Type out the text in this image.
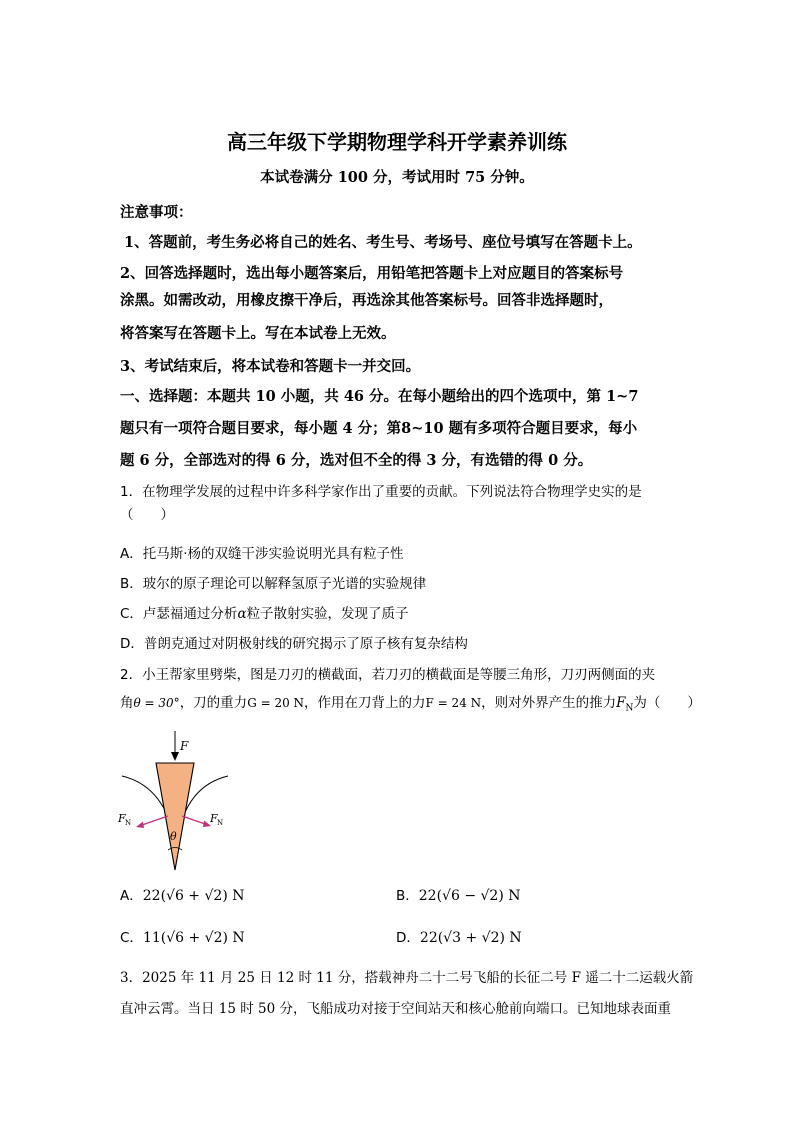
高三年级下学期物理学科开学素养训练
本试卷满分 100 分，考试用时 75 分钟。
注意事项：
1、答题前，考生务必将自己的姓名、考生号、考场号、座位号填写在答题卡上。
2、回答选择题时，选出每小题答案后，用铅笔把答题卡上对应题目的答案标号
涂黑。如需改动，用橡皮擦干净后，再选涂其他答案标号。回答非选择题时，
将答案写在答题卡上。写在本试卷上无效。
3、考试结束后，将本试卷和答题卡一并交回。
一、选择题：本题共 10 小题，共 46 分。在每小题给出的四个选项中，第 1~7
题只有一项符合题目要求，每小题 4 分；第8~10 题有多项符合题目要求，每小
题 6 分，全部选对的得 6 分，选对但不全的得 3 分，有选错的得 0 分。
1．在物理学发展的过程中许多科学家作出了重要的贡献。下列说法符合物理学史实的是
（　　）
A．托马斯·杨的双缝干涉实验说明光具有粒子性
B．玻尔的原子理论可以解释氢原子光谱的实验规律
C．卢瑟福通过分析α粒子散射实验，发现了质子
D．普朗克通过对阴极射线的研究揭示了原子核有复杂结构
2．小王帮家里劈柴，图是刀刃的横截面，若刀刃的横截面是等腰三角形，刀刃两侧面的夹
角θ = 30°，刀的重力G = 20 N，作用在刀背上的力F = 24 N，则对外界产生的推力$F_N$为（　　）
F
F N	F N
θ
A．22(√6 + √2) N	B．22(√6 − √2) N
C．11(√6 + √2) N	D．22(√3 + √2) N
3．2025 年 11 月 25 日 12 时 11 分，搭载神舟二十二号飞船的长征二号 F 遥二十二运载火箭
直冲云霄。当日 15 时 50 分，飞船成功对接于空间站天和核心舱前向端口。已知地球表面重
